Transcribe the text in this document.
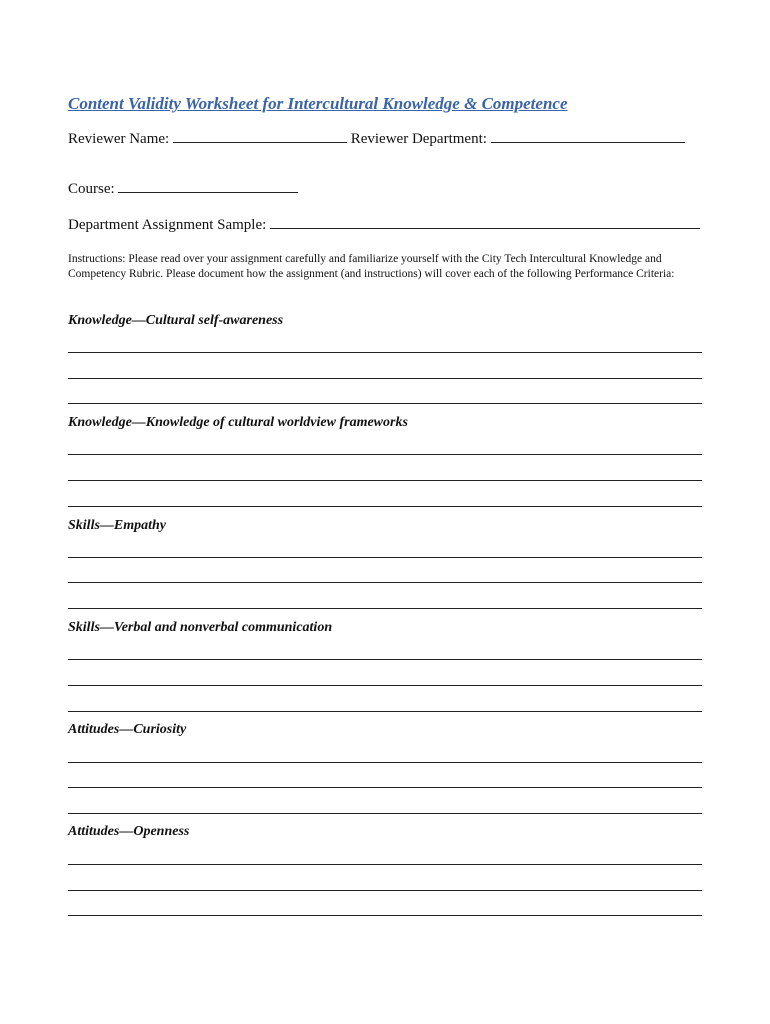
Content Validity Worksheet for Intercultural Knowledge & Competence
Reviewer Name:	Reviewer Department:
Course:
Department Assignment Sample:
Instructions: Please read over your assignment carefully and familiarize yourself with the City Tech Intercultural Knowledge and Competency Rubric. Please document how the assignment (and instructions) will cover each of the following Performance Criteria:
Knowledge—Cultural self-awareness
Knowledge—Knowledge of cultural worldview frameworks
Skills—Empathy
Skills—Verbal and nonverbal communication
Attitudes—Curiosity
Attitudes—Openness
